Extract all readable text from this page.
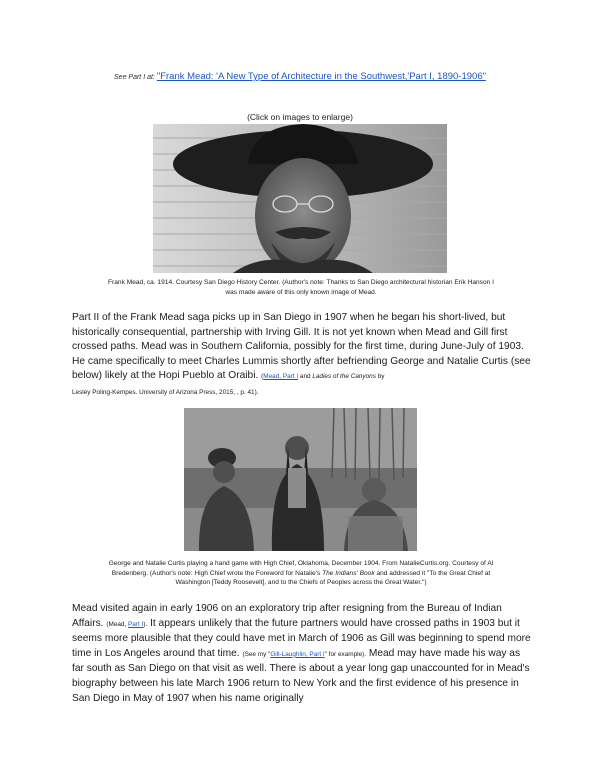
See Part I at: "Frank Mead: 'A New Type of Architecture in the Southwest,'Part I, 1890-1906"
(Click on images to enlarge)
Frank Mead, ca. 1914. Courtesy San Diego History Center. (Author's note: Thanks to San Diego architectural historian Erik Hanson I
was made aware of this only known image of Mead.
Part II of the Frank Mead saga picks up in San Diego in 1907 when he began his short-lived, but historically consequential, partnership with Irving Gill. It is not yet known when Mead and Gill first crossed paths. Mead was in Southern California, possibly for the first time, during June-July of 1903. He came specifically to meet Charles Lummis shortly after befriending George and Natalie Curtis (see below) likely at the Hopi Pueblo at Oraibi. (Mead, Part I and Ladies of the Canyons by
Lesley Poling-Kempes. University of Arizona Press, 2015, , p. 41).
George and Natalie Curtis playing a hand game with High Chief, Oklahoma, December 1904. From NatalieCurtis.org. Courtesy of Al
Bredenberg. (Author's note: High Chief wrote the Foreword for Natalie's The Indians' Book and addressed it "To the Great Chief at
Washington [Teddy Roosevelt], and to the Chiefs of Peoples across the Great Water.")
Mead visited again in early 1906 on an exploratory trip after resigning from the Bureau of Indian Affairs. (Mead, Part I). It appears unlikely that the future partners would have crossed paths in 1903 but it seems more plausible that they could have met in March of 1906 as Gill was beginning to spend more time in Los Angeles around that time. (See my "Gill-Laughlin, Part I" for example). Mead may have made his way as far south as San Diego on that visit as well. There is about a year long gap unaccounted for in Mead's biography between his late March 1906 return to New York and the first evidence of his presence in San Diego in May of 1907 when his name originally
